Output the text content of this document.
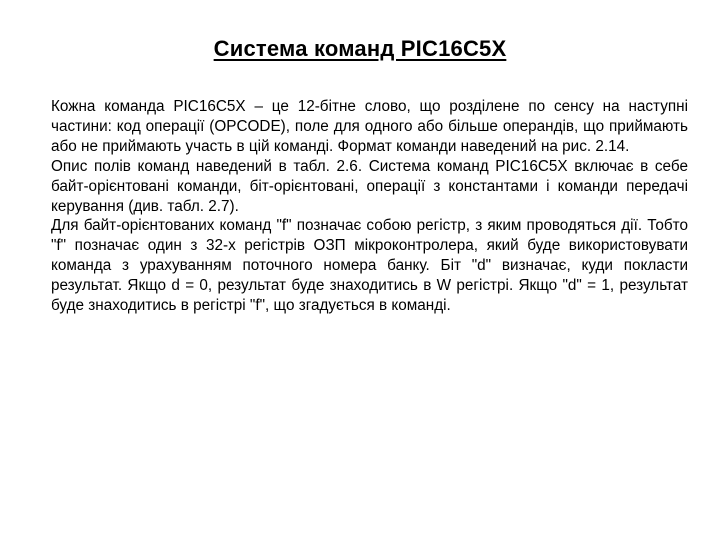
Система команд PIC16C5X

Кожна команда PIC16C5X – це 12-бітне слово, що розділене по сенсу на наступні частини: код операції (OPCODE), поле для одного або більше операндів, що приймають або не приймають участь в цій команді. Формат команди наведений на рис. 2.14.

Опис полів команд наведений в табл. 2.6. Система команд PIC16C5X включає в себе байт-орієнтовані команди, біт-орієнтовані, операції з константами і команди передачі керування (див. табл. 2.7).

Для байт-орієнтованих команд "f" позначає собою регістр, з яким проводяться дії. Тобто "f" позначає один з 32-х регістрів ОЗП мікроконтролера, який буде використовувати команда з урахуванням поточного номера банку. Біт "d" визначає, куди покласти результат. Якщо d = 0, результат буде знаходитись в W регістрі. Якщо "d" = 1, результат буде знаходитись в регістрі "f", що згадується в команді.
